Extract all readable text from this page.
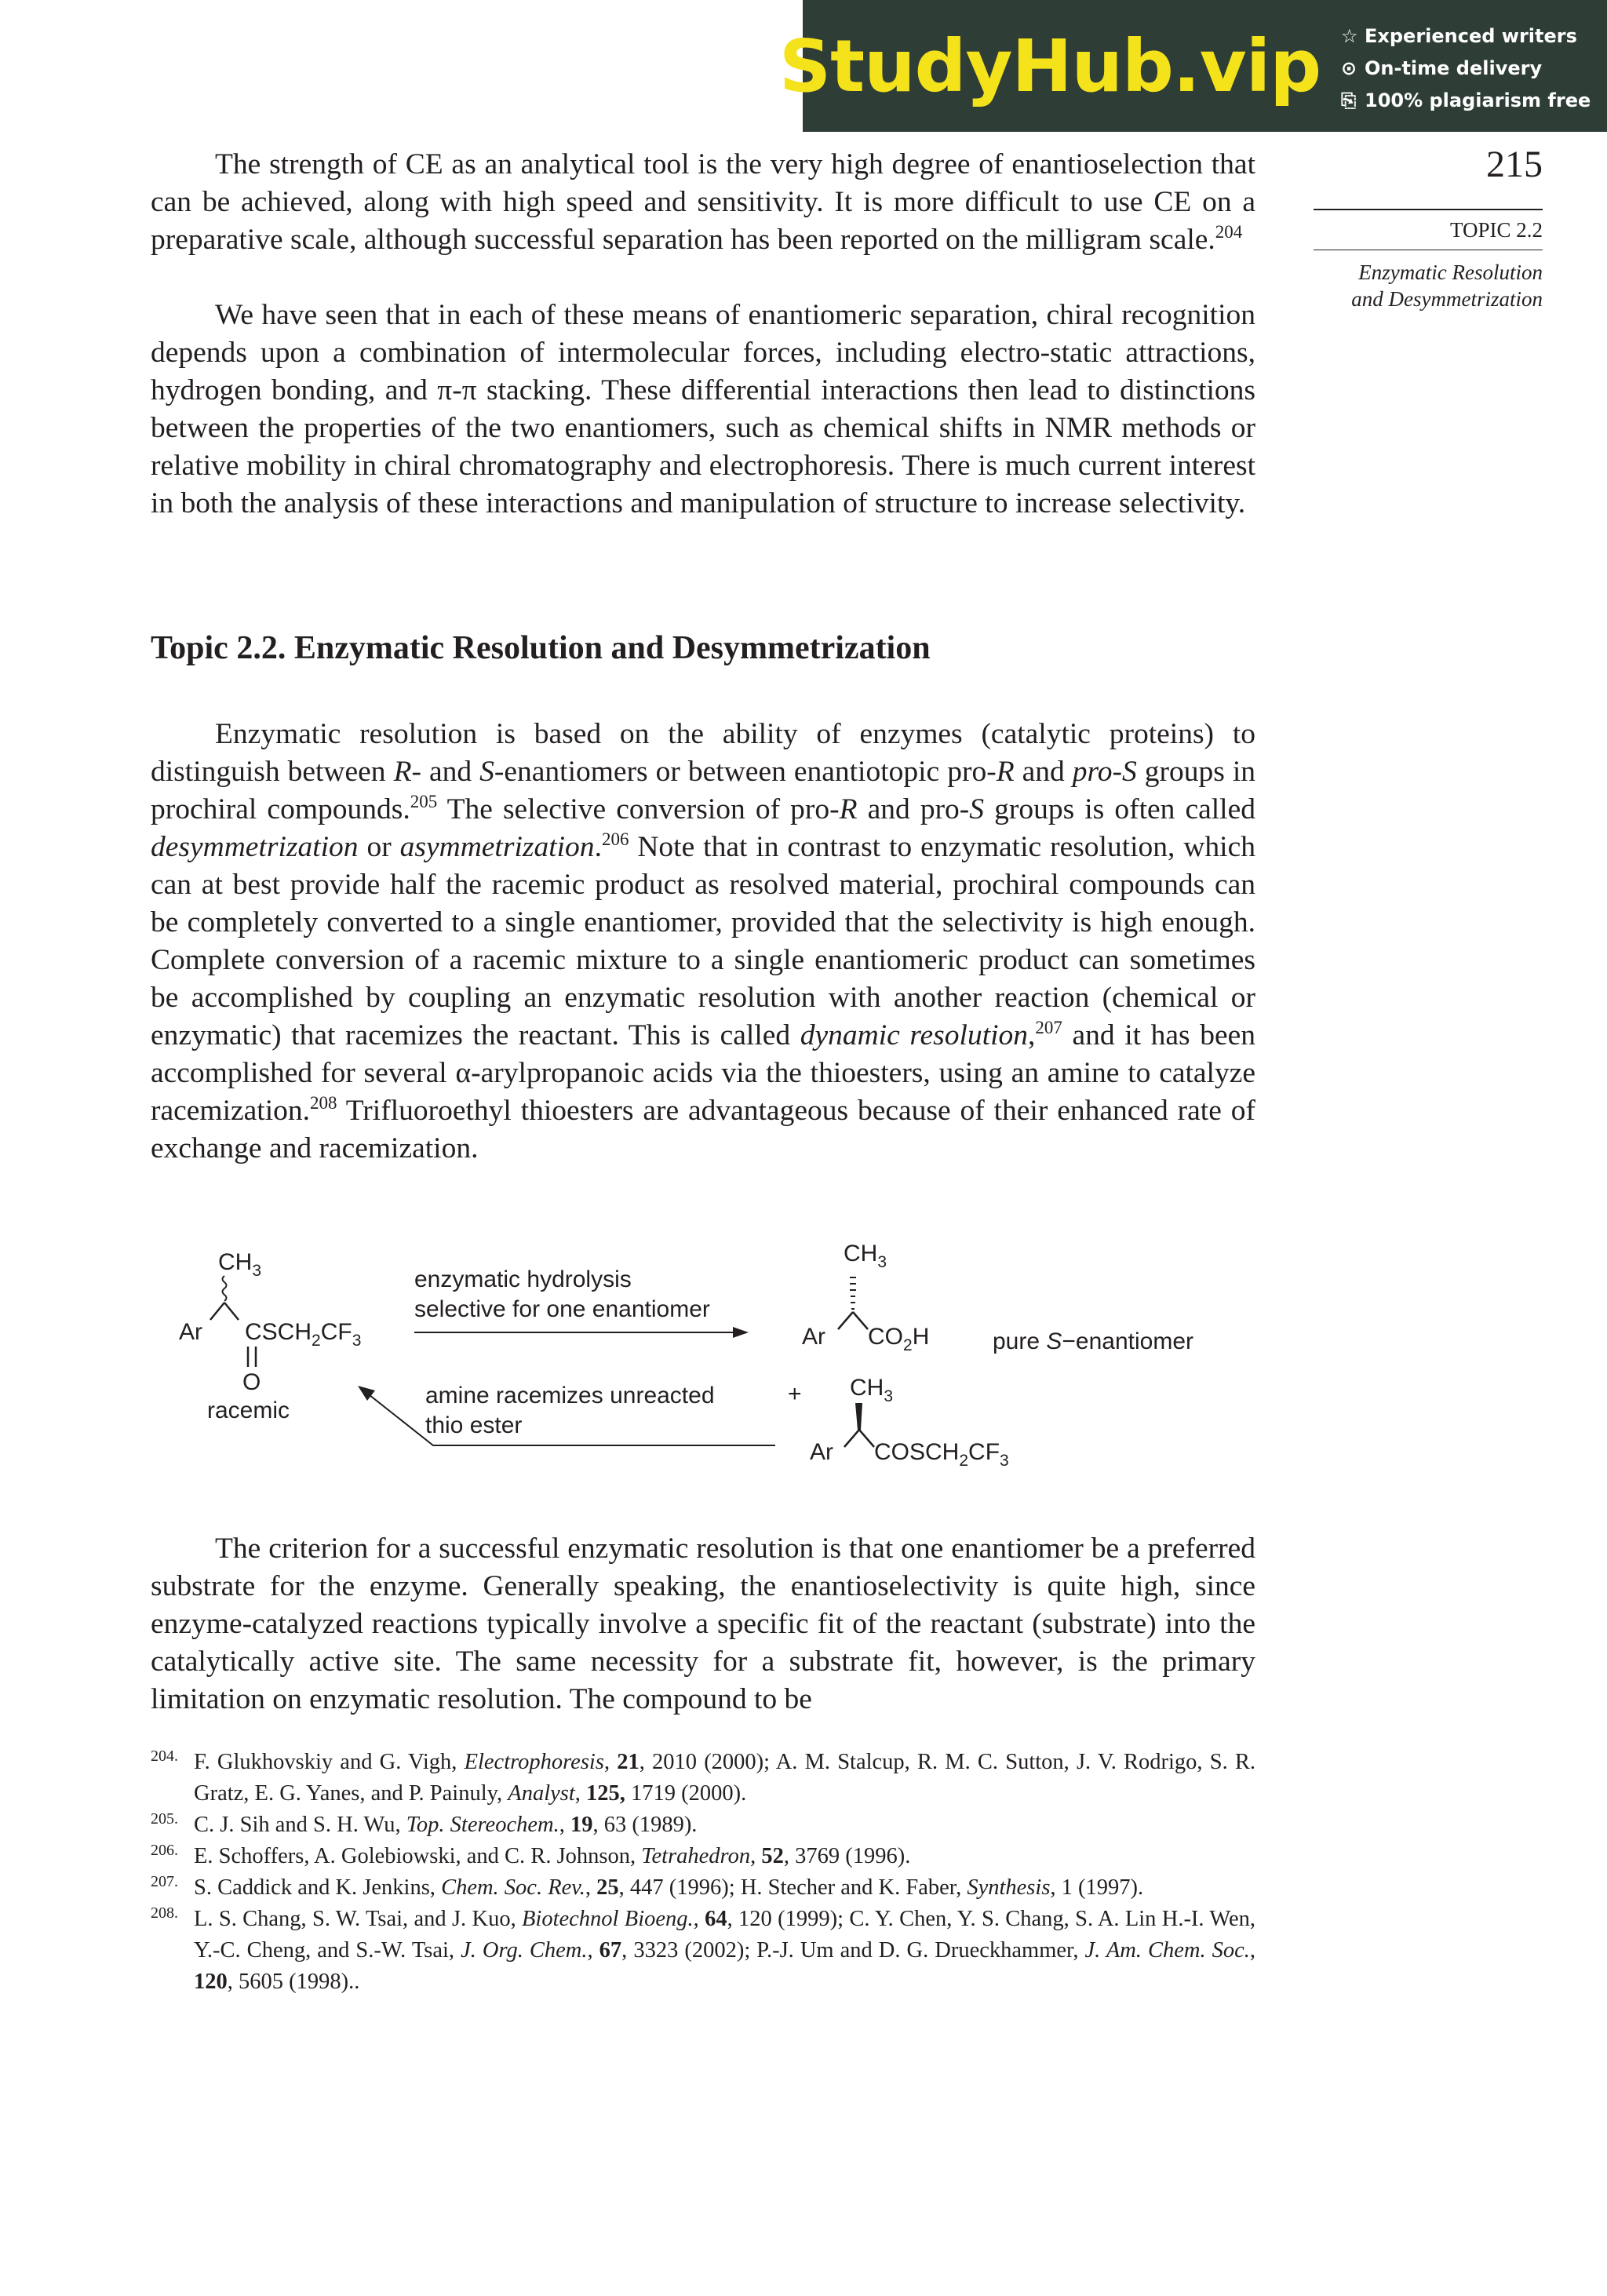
StudyHub.vip ☆ Experienced writers
⊙ On-time delivery
⎘ 100% plagiarism free
215
TOPIC 2.2
Enzymatic Resolution
and Desymmetrization

The strength of CE as an analytical tool is the very high degree of enantioselection that can be achieved, along with high speed and sensitivity. It is more difficult to use CE on a preparative scale, although successful separation has been reported on the milligram scale.$^{204}$

We have seen that in each of these means of enantiomeric separation, chiral recognition depends upon a combination of intermolecular forces, including electro-static attractions, hydrogen bonding, and π-π stacking. These differential interactions then lead to distinctions between the properties of the two enantiomers, such as chemical shifts in NMR methods or relative mobility in chiral chromatography and electrophoresis. There is much current interest in both the analysis of these interactions and manipulation of structure to increase selectivity.

Topic 2.2. Enzymatic Resolution and Desymmetrization

Enzymatic resolution is based on the ability of enzymes (catalytic proteins) to distinguish between R- and S-enantiomers or between enantiotopic pro-R and pro-S groups in prochiral compounds.$^{205}$ The selective conversion of pro-R and pro-S groups is often called desymmetrization or asymmetrization.$^{206}$ Note that in contrast to enzymatic resolution, which can at best provide half the racemic product as resolved material, prochiral compounds can be completely converted to a single enantiomer, provided that the selectivity is high enough. Complete conversion of a racemic mixture to a single enantiomeric product can sometimes be accomplished by coupling an enzymatic resolution with another reaction (chemical or enzymatic) that racemizes the reactant. This is called dynamic resolution,$^{207}$ and it has been accomplished for several α-arylpropanoic acids via the thioesters, using an amine to catalyze racemization.$^{208}$ Trifluoroethyl thioesters are advantageous because of their enhanced rate of exchange and racemization.

$CH_3$
Ar $CSCH_2CF_3$
O
racemic
enzymatic hydrolysis
selective for one enantiomer
$CH_3$
Ar $CO_2H$	pure S−enantiomer
amine racemizes unreacted
thio ester
+ $CH_3$
Ar $COSCH_2CF_3$

The criterion for a successful enzymatic resolution is that one enantiomer be a preferred substrate for the enzyme. Generally speaking, the enantioselectivity is quite high, since enzyme-catalyzed reactions typically involve a specific fit of the reactant (substrate) into the catalytically active site. The same necessity for a substrate fit, however, is the primary limitation on enzymatic resolution. The compound to be

204. F. Glukhovskiy and G. Vigh, Electrophoresis, 21, 2010 (2000); A. M. Stalcup, R. M. C. Sutton, J. V. Rodrigo, S. R. Gratz, E. G. Yanes, and P. Painuly, Analyst, 125, 1719 (2000).
205. C. J. Sih and S. H. Wu, Top. Stereochem., 19, 63 (1989).
206. E. Schoffers, A. Golebiowski, and C. R. Johnson, Tetrahedron, 52, 3769 (1996).
207. S. Caddick and K. Jenkins, Chem. Soc. Rev., 25, 447 (1996); H. Stecher and K. Faber, Synthesis, 1 (1997).
208. L. S. Chang, S. W. Tsai, and J. Kuo, Biotechnol Bioeng., 64, 120 (1999); C. Y. Chen, Y. S. Chang, S. A. Lin H.-I. Wen, Y.-C. Cheng, and S.-W. Tsai, J. Org. Chem., 67, 3323 (2002); P.-J. Um and D. G. Drueckhammer, J. Am. Chem. Soc., 120, 5605 (1998)..
